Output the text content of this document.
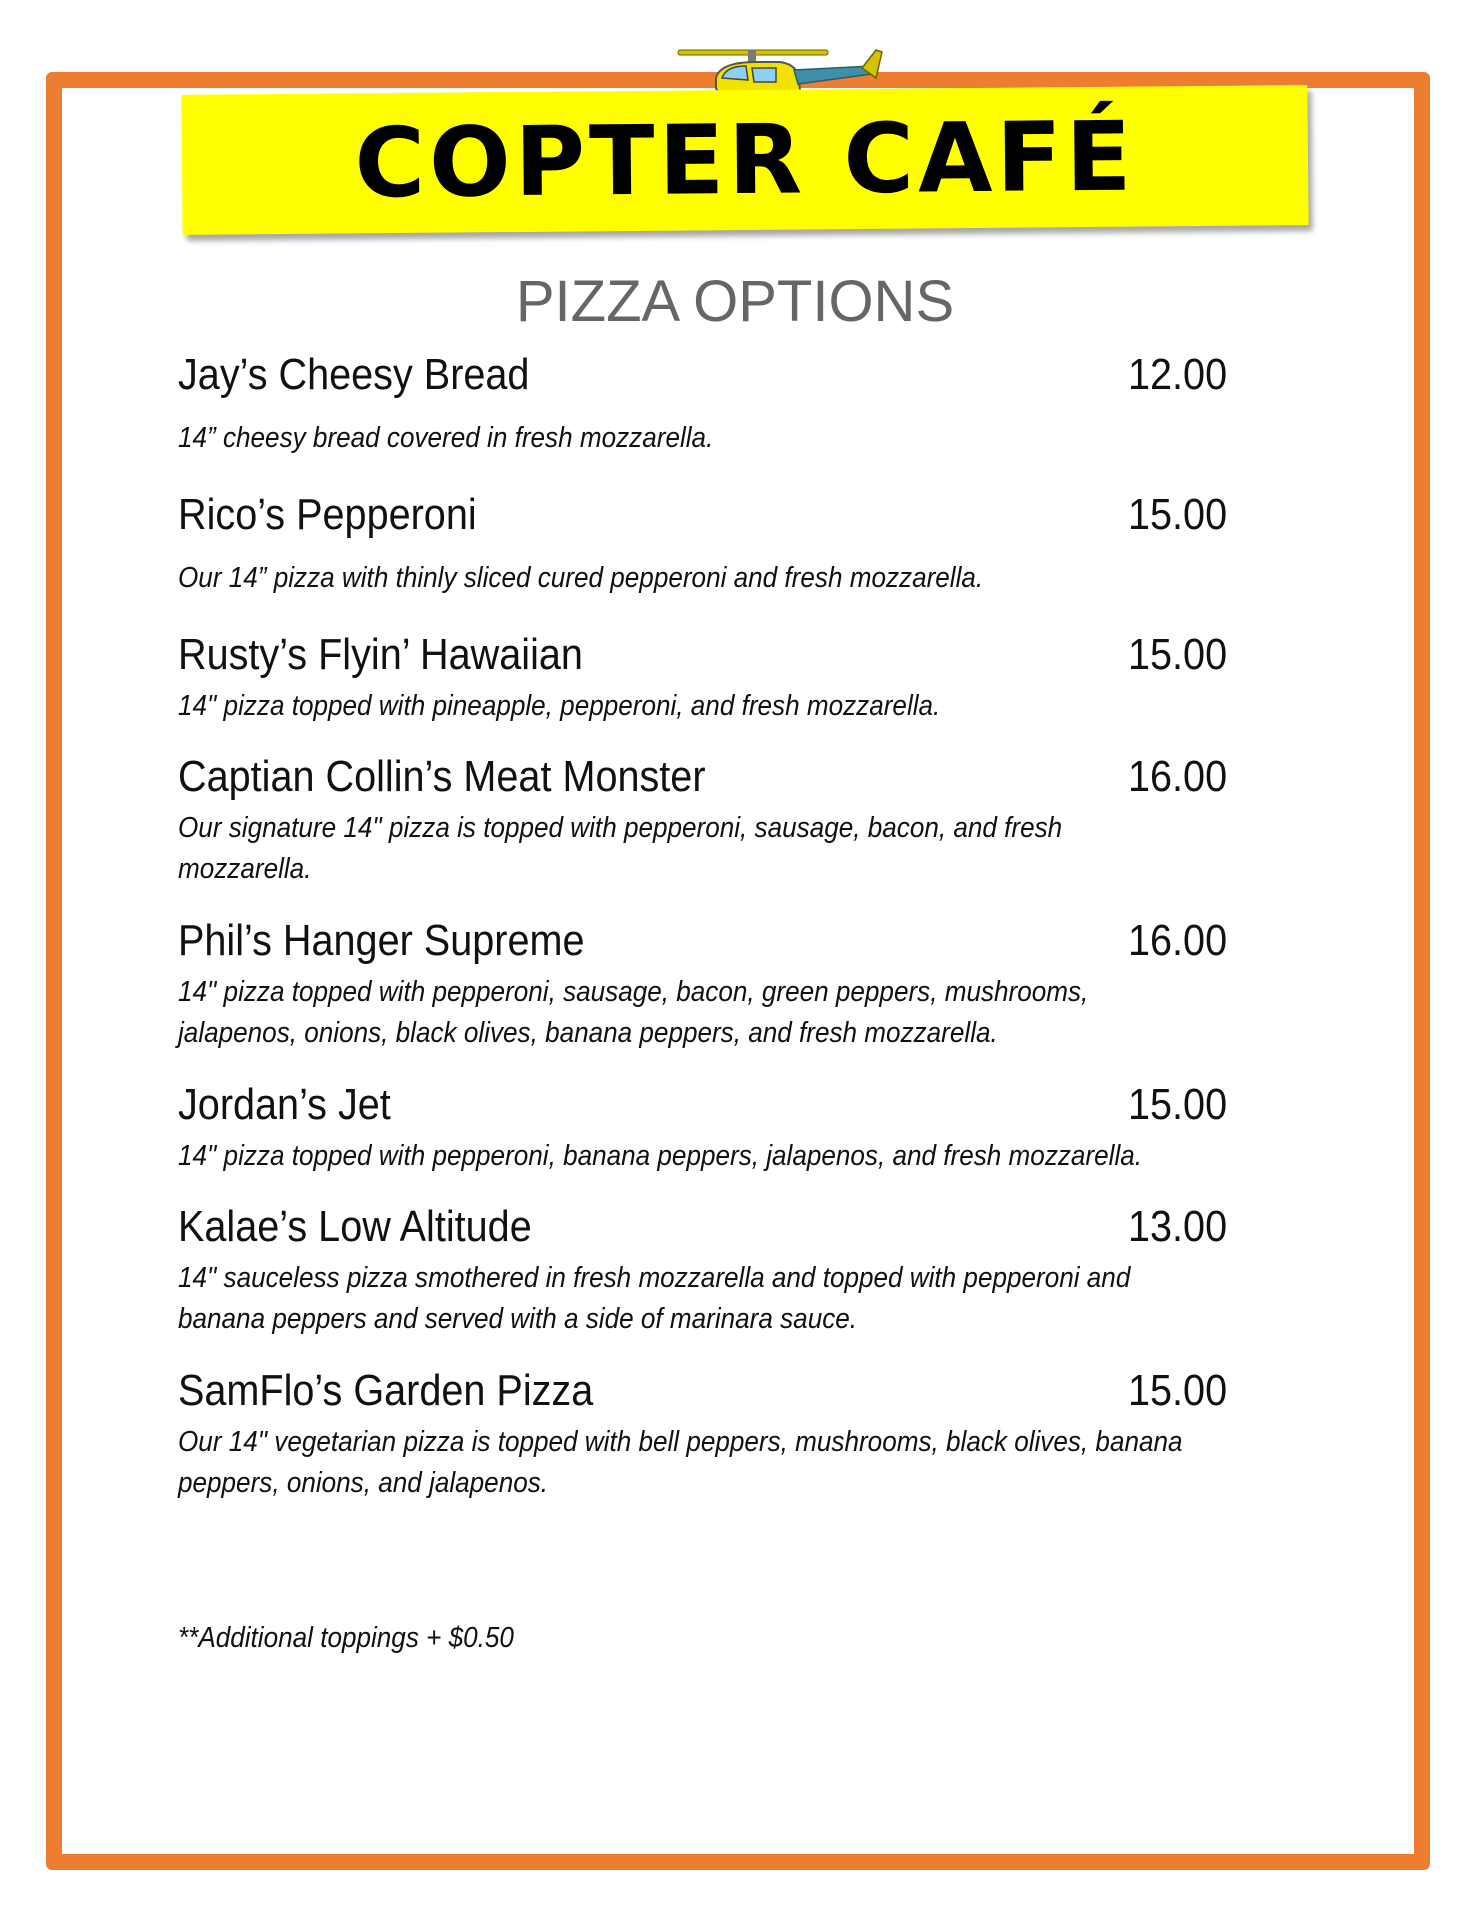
COPTER CAFÉ
PIZZA OPTIONS
Jay’s Cheesy Bread	12.00
14” cheesy bread covered in fresh mozzarella.
Rico’s Pepperoni	15.00
Our 14” pizza with thinly sliced cured pepperoni and fresh mozzarella.
Rusty’s Flyin’ Hawaiian	15.00
14" pizza topped with pineapple, pepperoni, and fresh mozzarella.
Captian Collin’s Meat Monster	16.00
Our signature 14" pizza is topped with pepperoni, sausage, bacon, and fresh mozzarella.
Phil’s Hanger Supreme	16.00
14" pizza topped with pepperoni, sausage, bacon, green peppers, mushrooms, jalapenos, onions, black olives, banana peppers, and fresh mozzarella.
Jordan’s Jet	15.00
14" pizza topped with pepperoni, banana peppers, jalapenos, and fresh mozzarella.
Kalae’s Low Altitude	13.00
14" sauceless pizza smothered in fresh mozzarella and topped with pepperoni and banana peppers and served with a side of marinara sauce.
SamFlo’s Garden Pizza	15.00
Our 14" vegetarian pizza is topped with bell peppers, mushrooms, black olives, banana peppers, onions, and jalapenos.
**Additional toppings + $0.50
